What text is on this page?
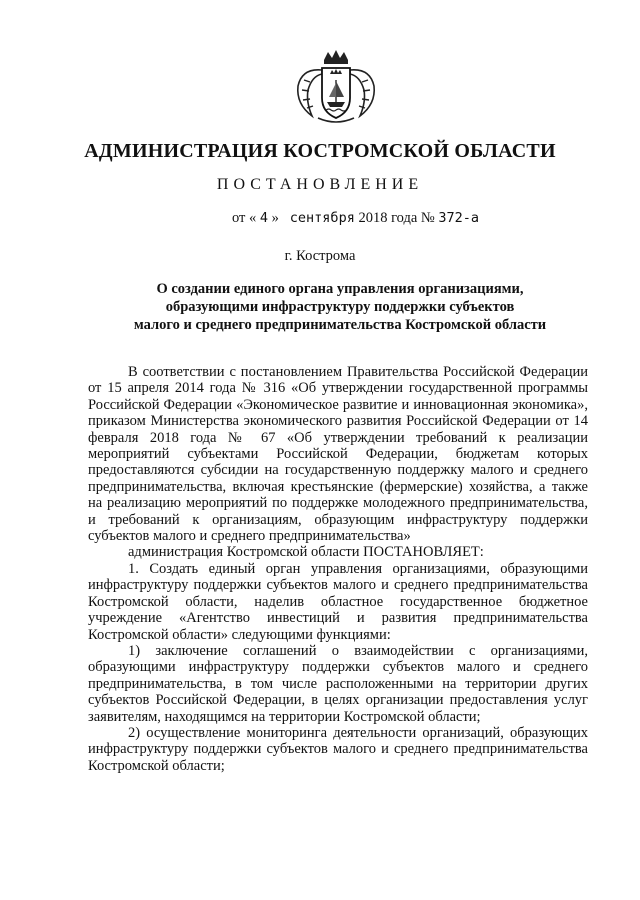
АДМИНИСТРАЦИЯ КОСТРОМСКОЙ ОБЛАСТИ
ПОСТАНОВЛЕНИЕ
от « 4 » сентября 2018 года № 372-а
г. Кострома
О создании единого органа управления организациями,
образующими инфраструктуру поддержки субъектов
малого и среднего предпринимательства Костромской области

В соответствии с постановлением Правительства Российской Федерации от 15 апреля 2014 года № 316 «Об утверждении государственной программы Российской Федерации «Экономическое развитие и инновационная экономика», приказом Министерства экономического развития Российской Федерации от 14 февраля 2018 года № 67 «Об утверждении требований к реализации мероприятий субъектами Российской Федерации, бюджетам которых предоставляются субсидии на государственную поддержку малого и среднего предпринимательства, включая крестьянские (фермерские) хозяйства, а также на реализацию мероприятий по поддержке молодежного предпринимательства, и требований к организациям, образующим инфраструктуру поддержки субъектов малого и среднего предпринимательства»

администрация Костромской области ПОСТАНОВЛЯЕТ:

1. Создать единый орган управления организациями, образующими инфраструктуру поддержки субъектов малого и среднего предпринимательства Костромской области, наделив областное государственное бюджетное учреждение «Агентство инвестиций и развития предпринимательства Костромской области» следующими функциями:

1) заключение соглашений о взаимодействии с организациями, образующими инфраструктуру поддержки субъектов малого и среднего предпринимательства, в том числе расположенными на территории других субъектов Российской Федерации, в целях организации предоставления услуг заявителям, находящимся на территории Костромской области;

2) осуществление мониторинга деятельности организаций, образующих инфраструктуру поддержки субъектов малого и среднего предпринимательства Костромской области;
